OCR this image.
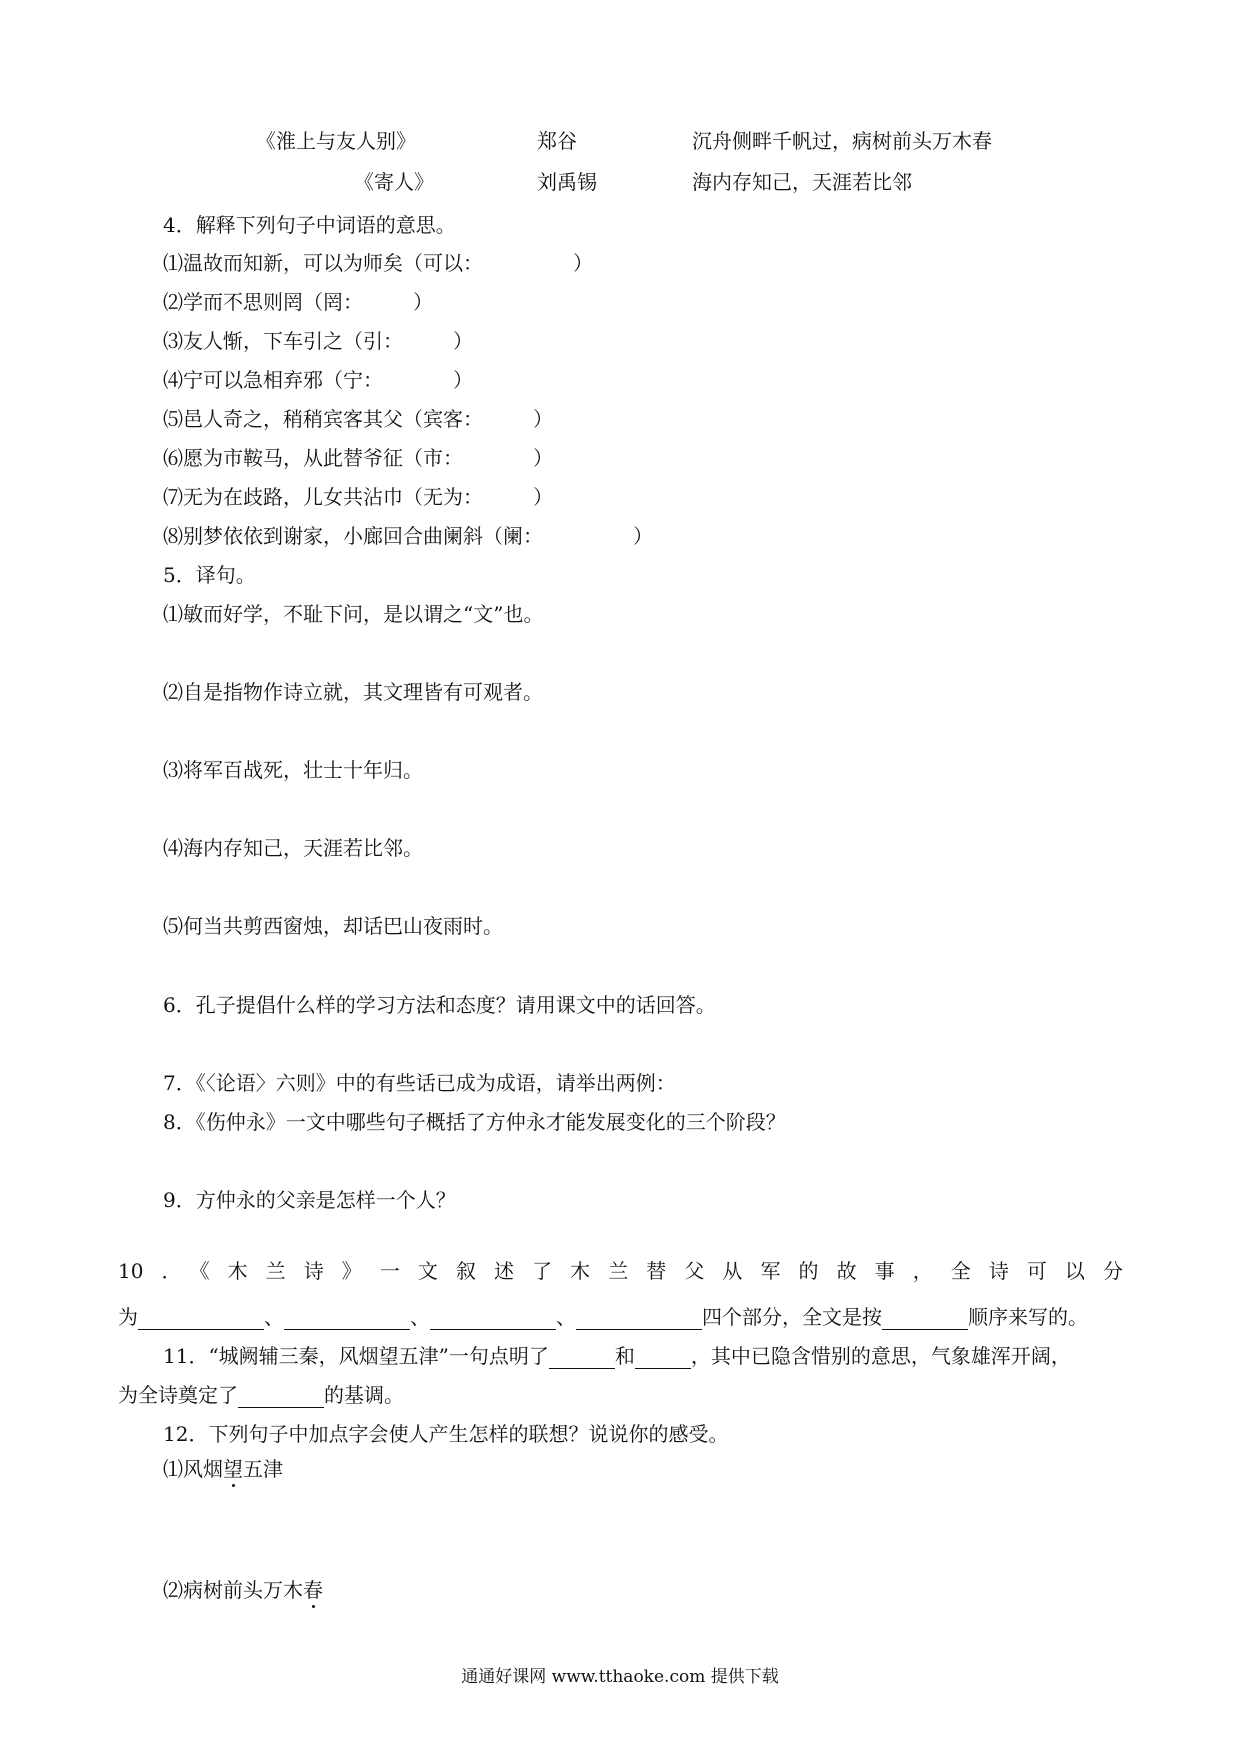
《淮上与友人别》	郑谷	沉舟侧畔千帆过，病树前头万木春
《寄人》	刘禹锡	海内存知己，天涯若比邻
4．解释下列句子中词语的意思。
⑴温故而知新，可以为师矣（可以：　　　　　）
⑵学而不思则罔（罔：　　　）
⑶友人惭，下车引之（引：　　　）
⑷宁可以急相弃邪（宁：　　　　）
⑸邑人奇之，稍稍宾客其父（宾客：　　　）
⑹愿为市鞍马，从此替爷征（市：　　　　）
⑺无为在歧路，儿女共沾巾（无为：　　　）
⑻别梦依依到谢家，小廊回合曲阑斜（阑：　　　　　）
5．译句。
⑴敏而好学，不耻下问，是以谓之“文”也。
⑵自是指物作诗立就，其文理皆有可观者。
⑶将军百战死，壮士十年归。
⑷海内存知己，天涯若比邻。
⑸何当共剪西窗烛，却话巴山夜雨时。
6．孔子提倡什么样的学习方法和态度？请用课文中的话回答。
7．《〈论语〉六则》中的有些话已成为成语，请举出两例：
8．《伤仲永》一文中哪些句子概括了方仲永才能发展变化的三个阶段？
9．方仲永的父亲是怎样一个人？
10．《木兰诗》一文叙述了木兰替父从军的故事，全诗可以分
为	、	、	、	四个部分，全文是按	顺序来写的。
11．“城阙辅三秦，风烟望五津”一句点明了	和	，其中已隐含惜别的意思，气象雄浑开阔，
为全诗奠定了	的基调。
12．下列句子中加点字会使人产生怎样的联想？说说你的感受。
⑴风烟望五津
⑵病树前头万木春
通通好课网 www.tthaoke.com 提供下载
